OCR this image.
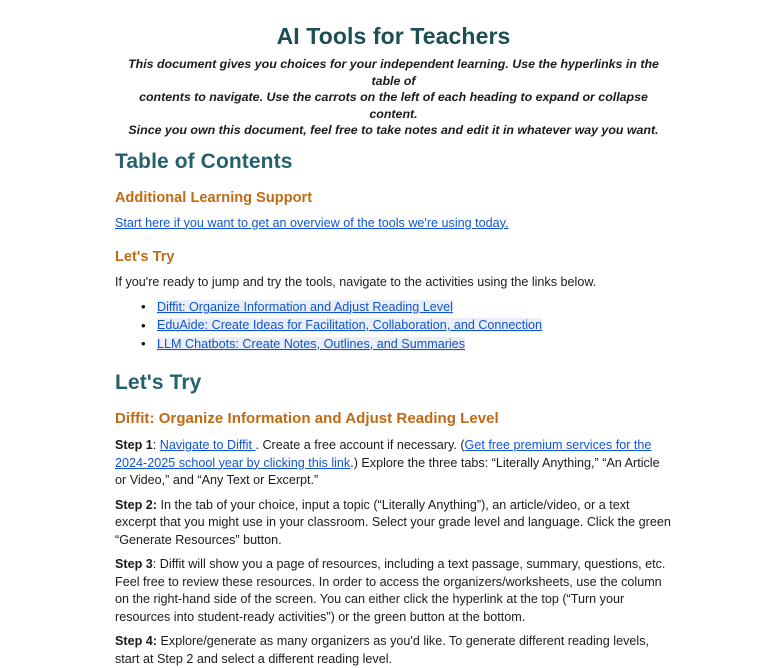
AI Tools for Teachers
This document gives you choices for your independent learning. Use the hyperlinks in the table of
contents to navigate. Use the carrots on the left of each heading to expand or collapse content.
Since you own this document, feel free to take notes and edit it in whatever way you want.
Table of Contents
Additional Learning Support

Start here if you want to get an overview of the tools we're using today.

Let's Try

If you're ready to jump and try the tools, navigate to the activities using the links below.

• Diffit: Organize Information and Adjust Reading Level
• EduAide: Create Ideas for Facilitation, Collaboration, and Connection
• LLM Chatbots: Create Notes, Outlines, and Summaries
Let's Try
Diffit: Organize Information and Adjust Reading Level

Step 1: Navigate to Diffit . Create a free account if necessary. (Get free premium services for the 2024-2025 school year by clicking this link.) Explore the three tabs: “Literally Anything,” “An Article or Video,” and “Any Text or Excerpt.”

Step 2: In the tab of your choice, input a topic (“Literally Anything”), an article/video, or a text excerpt that you might use in your classroom. Select your grade level and language. Click the green “Generate Resources” button.

Step 3: Diffit will show you a page of resources, including a text passage, summary, questions, etc. Feel free to review these resources. In order to access the organizers/worksheets, use the column on the right-hand side of the screen. You can either click the hyperlink at the top (“Turn your resources into student-ready activities”) or the green button at the bottom.

Step 4: Explore/generate as many organizers as you'd like. To generate different reading levels, start at Step 2 and select a different reading level.
